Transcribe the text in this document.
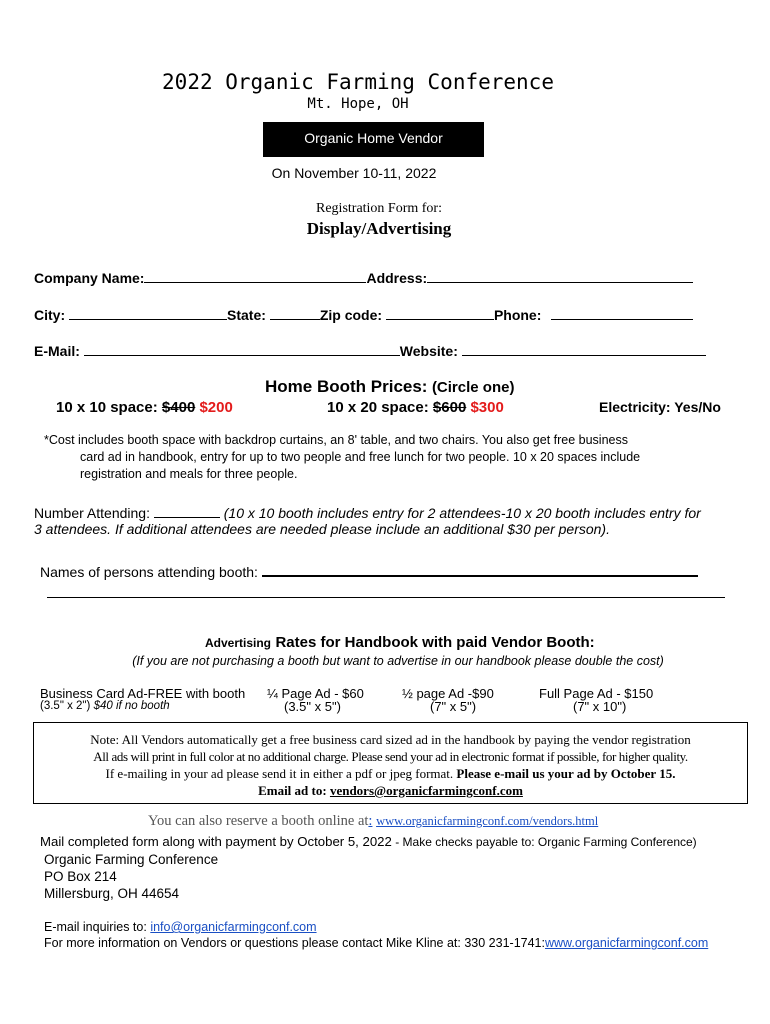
2022 Organic Farming Conference
Mt. Hope, OH
Organic Home Vendor
On November 10-11, 2022
Registration Form for:
Display/Advertising
Company Name:	Address:
City:	State:	Zip code:	Phone:
E-Mail:	Website:
Home Booth Prices: (Circle one)
10 x 10 space: $400 $200	10 x 20 space: $600 $300	Electricity: Yes/No
*Cost includes booth space with backdrop curtains, an 8' table, and two chairs. You also get free business
card ad in handbook, entry for up to two people and free lunch for two people. 10 x 20 spaces include
registration and meals for three people.
Number Attending:	(10 x 10 booth includes entry for 2 attendees-10 x 20 booth includes entry for
3 attendees. If additional attendees are needed please include an additional $30 per person).
Names of persons attending booth:
Advertising Rates for Handbook with paid Vendor Booth:
(If you are not purchasing a booth but want to advertise in our handbook please double the cost)
Business Card Ad-FREE with booth
(3.5" x 2") $40 if no booth
¼ Page Ad - $60
(3.5" x 5")
½ page Ad -$90
(7" x 5")
Full Page Ad - $150
(7" x 10")
Note: All Vendors automatically get a free business card sized ad in the handbook by paying the vendor registration
All ads will print in full color at no additional charge. Please send your ad in electronic format if possible, for higher quality.
If e-mailing in your ad please send it in either a pdf or jpeg format. Please e-mail us your ad by October 15.
Email ad to: vendors@organicfarmingconf.com
You can also reserve a booth online at: www.organicfarmingconf.com/vendors.html
Mail completed form along with payment by October 5, 2022 - Make checks payable to: Organic Farming Conference)
Organic Farming Conference
PO Box 214
Millersburg, OH 44654
E-mail inquiries to: info@organicfarmingconf.com
For more information on Vendors or questions please contact Mike Kline at: 330 231-1741:www.organicfarmingconf.com
